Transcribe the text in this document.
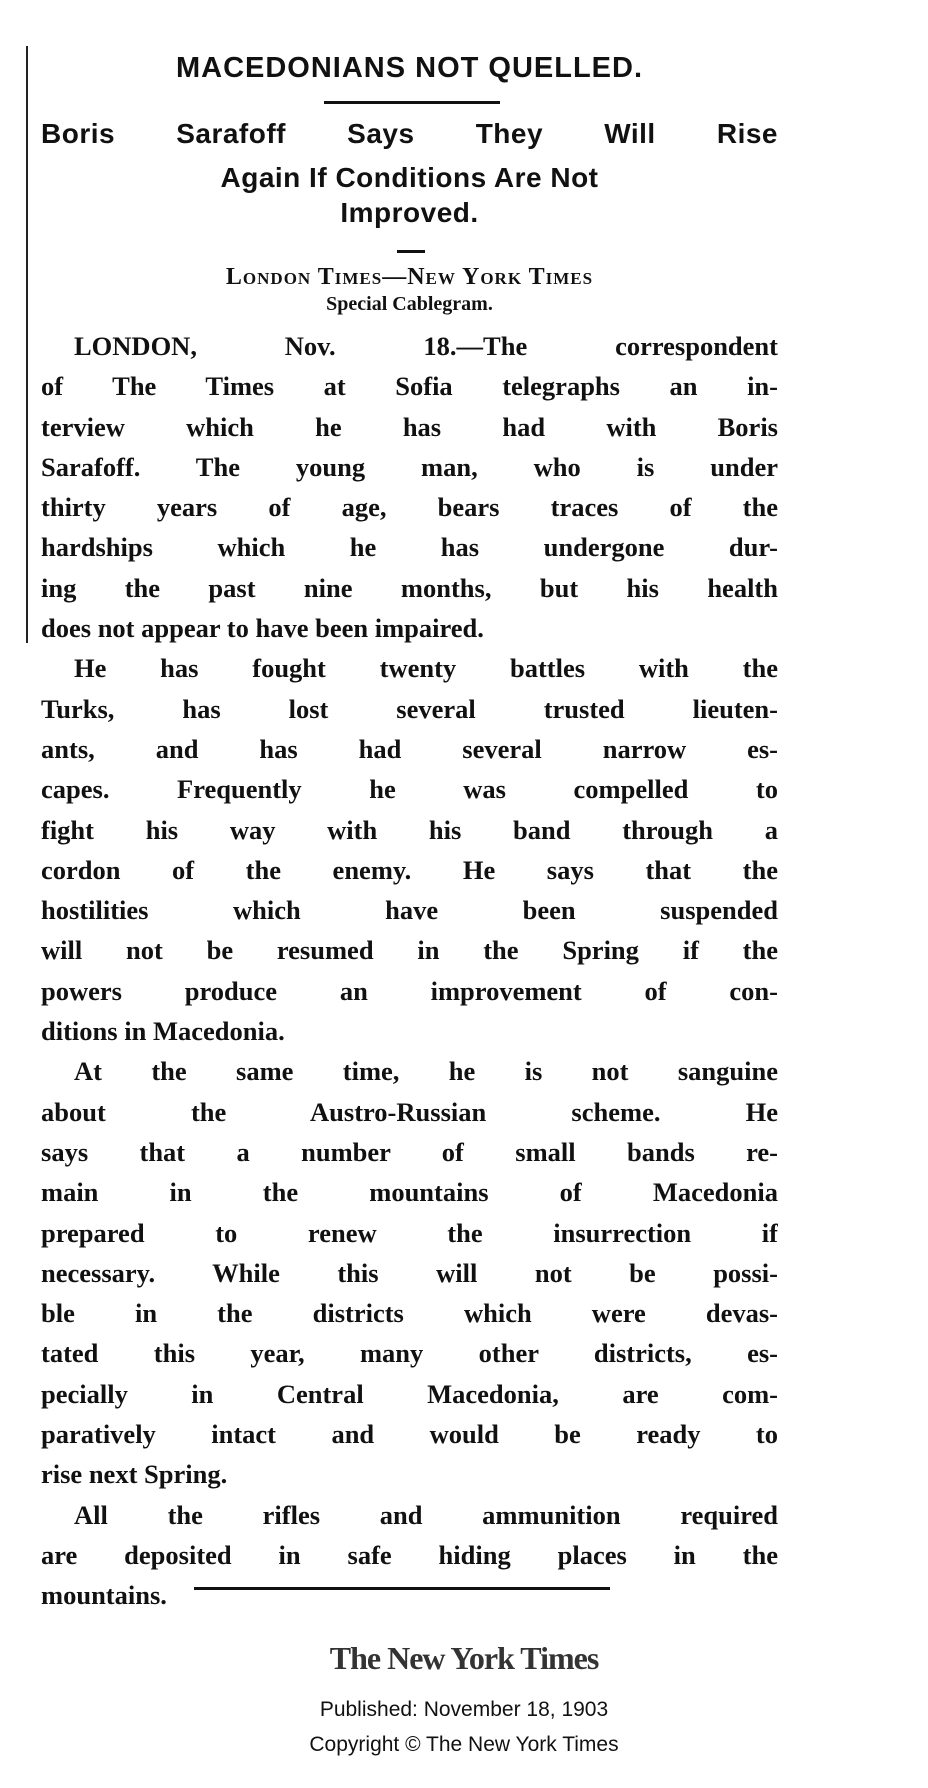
MACEDONIANS NOT QUELLED.
Boris Sarafoff Says They Will Rise
Again If Conditions Are Not
Improved.
London Times—New York Times
Special Cablegram.
LONDON, Nov. 18.—The correspondent
of The Times at Sofia telegraphs an in-
terview which he has had with Boris
Sarafoff. The young man, who is under
thirty years of age, bears traces of the
hardships which he has undergone dur-
ing the past nine months, but his health
does not appear to have been impaired.
He has fought twenty battles with the
Turks, has lost several trusted lieuten-
ants, and has had several narrow es-
capes. Frequently he was compelled to
fight his way with his band through a
cordon of the enemy. He says that the
hostilities which have been suspended
will not be resumed in the Spring if the
powers produce an improvement of con-
ditions in Macedonia.
At the same time, he is not sanguine
about the Austro-Russian scheme. He
says that a number of small bands re-
main in the mountains of Macedonia
prepared to renew the insurrection if
necessary. While this will not be possi-
ble in the districts which were devas-
tated this year, many other districts, es-
pecially in Central Macedonia, are com-
paratively intact and would be ready to
rise next Spring.
All the rifles and ammunition required
are deposited in safe hiding places in the
mountains.
The New York Times
Published: November 18, 1903
Copyright © The New York Times
